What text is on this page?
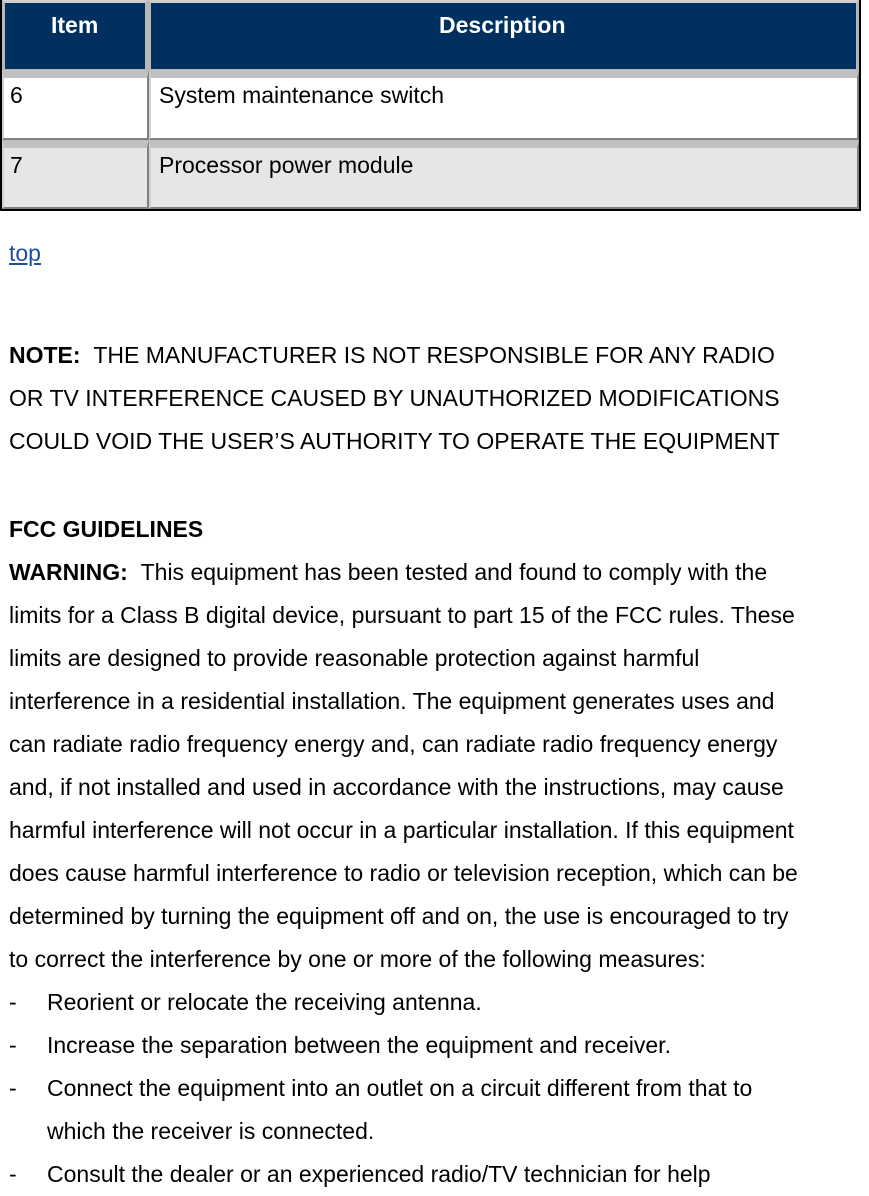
Item	Description
6	System maintenance switch
7	Processor power module
top
NOTE: THE MANUFACTURER IS NOT RESPONSIBLE FOR ANY RADIO
OR TV INTERFERENCE CAUSED BY UNAUTHORIZED MODIFICATIONS
COULD VOID THE USER’S AUTHORITY TO OPERATE THE EQUIPMENT
FCC GUIDELINES
WARNING: This equipment has been tested and found to comply with the
limits for a Class B digital device, pursuant to part 15 of the FCC rules. These
limits are designed to provide reasonable protection against harmful
interference in a residential installation. The equipment generates uses and
can radiate radio frequency energy and, can radiate radio frequency energy
and, if not installed and used in accordance with the instructions, may cause
harmful interference will not occur in a particular installation. If this equipment
does cause harmful interference to radio or television reception, which can be
determined by turning the equipment off and on, the use is encouraged to try
to correct the interference by one or more of the following measures:
- Reorient or relocate the receiving antenna.
- Increase the separation between the equipment and receiver.
- Connect the equipment into an outlet on a circuit different from that to
which the receiver is connected.
- Consult the dealer or an experienced radio/TV technician for help
